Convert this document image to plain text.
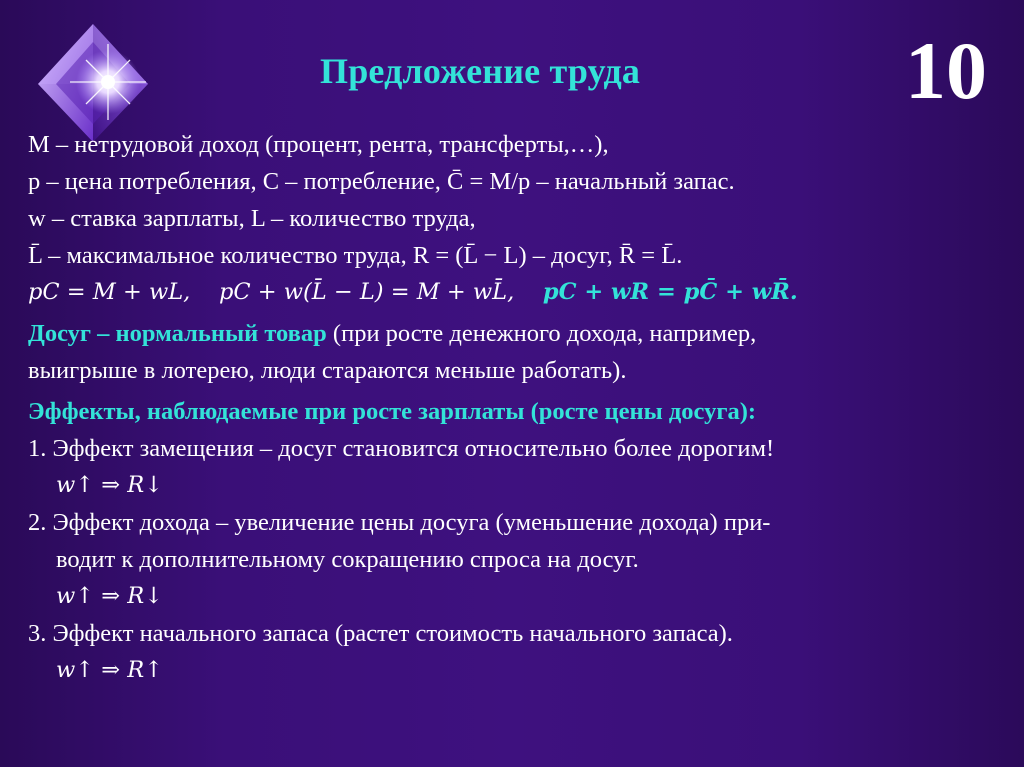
Предложение труда	10
M – нетрудовой доход (процент, рента, трансферты,…),
p – цена потребления, C – потребление, C̄ = M/p – начальный запас.
w – ставка зарплаты, L – количество труда,
L̄ – максимальное количество труда, R = (L̄ − L) – досуг, R̄ = L̄.
pC = M + wL, pC + w(L̄ − L) = M + wL̄, pC + wR = pC̄ + wR̄.
Досуг – нормальный товар (при росте денежного дохода, например,
выигрыше в лотерею, люди стараются меньше работать).
Эффекты, наблюдаемые при росте зарплаты (росте цены досуга):
1. Эффект замещения – досуг становится относительно более дорогим!
w↑ ⇒ R↓
2. Эффект дохода – увеличение цены досуга (уменьшение дохода) при-
водит к дополнительному сокращению спроса на досуг.
w↑ ⇒ R↓
3. Эффект начального запаса (растет стоимость начального запаса).
w↑ ⇒ R↑
